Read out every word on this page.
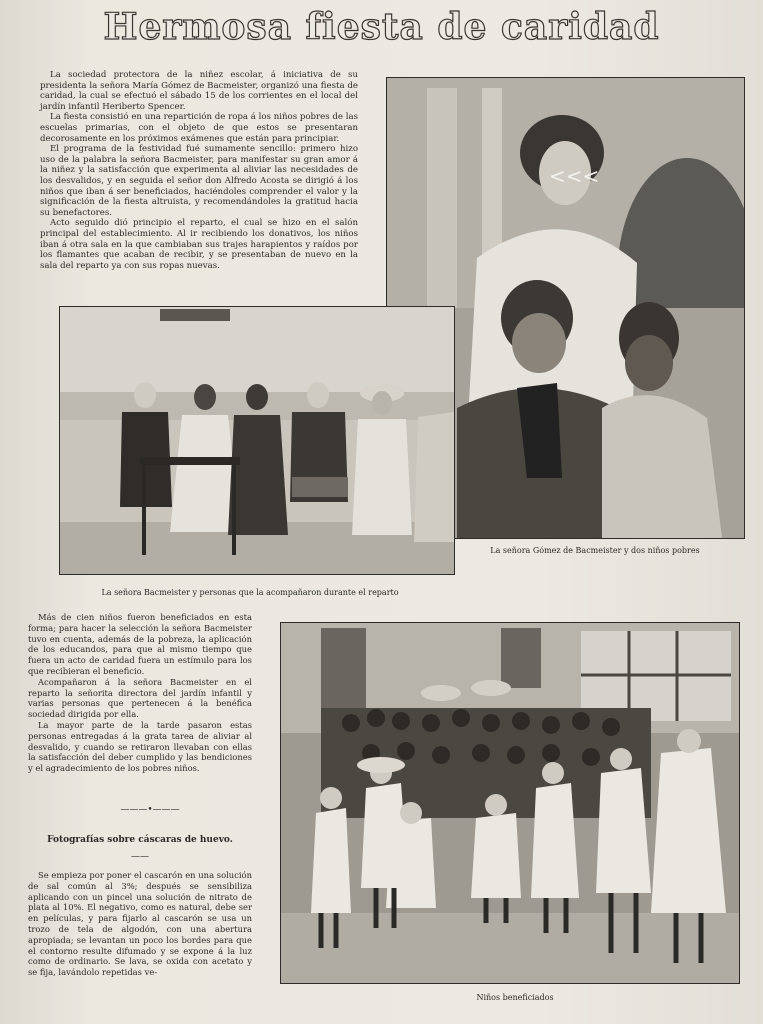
Hermosa fiesta de caridad

La sociedad protectora de la niñez escolar, á iniciativa de su presidenta la señora María Gómez de Bacmeister, organizó una fiesta de caridad, la cual se efectuó el sábado 15 de los corrientes en el local del jardín infantil Heriberto Spencer.

La fiesta consistió en una repartición de ropa á los niños pobres de las escuelas primarias, con el objeto de que estos se presentaran decorosamente en los próximos exámenes que están para principiar.

El programa de la festividad fué sumamente sencillo: primero hizo uso de la palabra la señora Bacmeister, para manifestar su gran amor á la niñez y la satisfacción que experimenta al aliviar las necesidades de los desvalidos, y en seguida el señor don Alfredo Acosta se dirigió á los niños que iban á ser beneficiados, haciéndoles comprender el valor y la significación de la fiesta altruista, y recomendándoles la gratitud hacia su benefactores.

Acto seguido dió principio el reparto, el cual se hizo en el salón principal del establecimiento. Al ir recibiendo los donativos, los niños iban á otra sala en la que cambiaban sus trajes harapientos y raídos por los flamantes que acaban de recibir, y se presentaban de nuevo en la sala del reparto ya con sus ropas nuevas.

<<<
La señora Gómez de Bacmeister y dos niños pobres
La señora Bacmeister y personas que la acompañaron durante el reparto

Más de cien niños fueron beneficiados en esta forma; para hacer la selección la señora Bacmeister tuvo en cuenta, además de la pobreza, la aplicación de los educandos, para que al mismo tiempo que fuera un acto de caridad fuera un estímulo para los que recibieran el beneficio.

Acompañaron á la señora Bacmeister en el reparto la señorita directora del jardín infantil y varias personas que pertenecen á la benéfica sociedad dirigida por ella.

La mayor parte de la tarde pasaron estas personas entregadas á la grata tarea de aliviar al desvalido, y cuando se retiraron llevaban con ellas la satisfacción del deber cumplido y las bendiciones y el agradecimiento de los pobres niños.

———•———
Fotografías sobre cáscaras de huevo.
——

Se empieza por poner el cascarón en una solución de sal común al 3%; después se sensibiliza aplicando con un pincel una solución de nitrato de plata al 10%. El negativo, como es natural, debe ser en películas, y para fijarlo al cascarón se usa un trozo de tela de algodón, con una abertura apropiada; se levantan un poco los bordes para que el contorno resulte difumado y se expone á la luz como de ordinario. Se lava, se oxida con acetato y se fija, lavándolo repetidas ve-

Niños beneficiados
